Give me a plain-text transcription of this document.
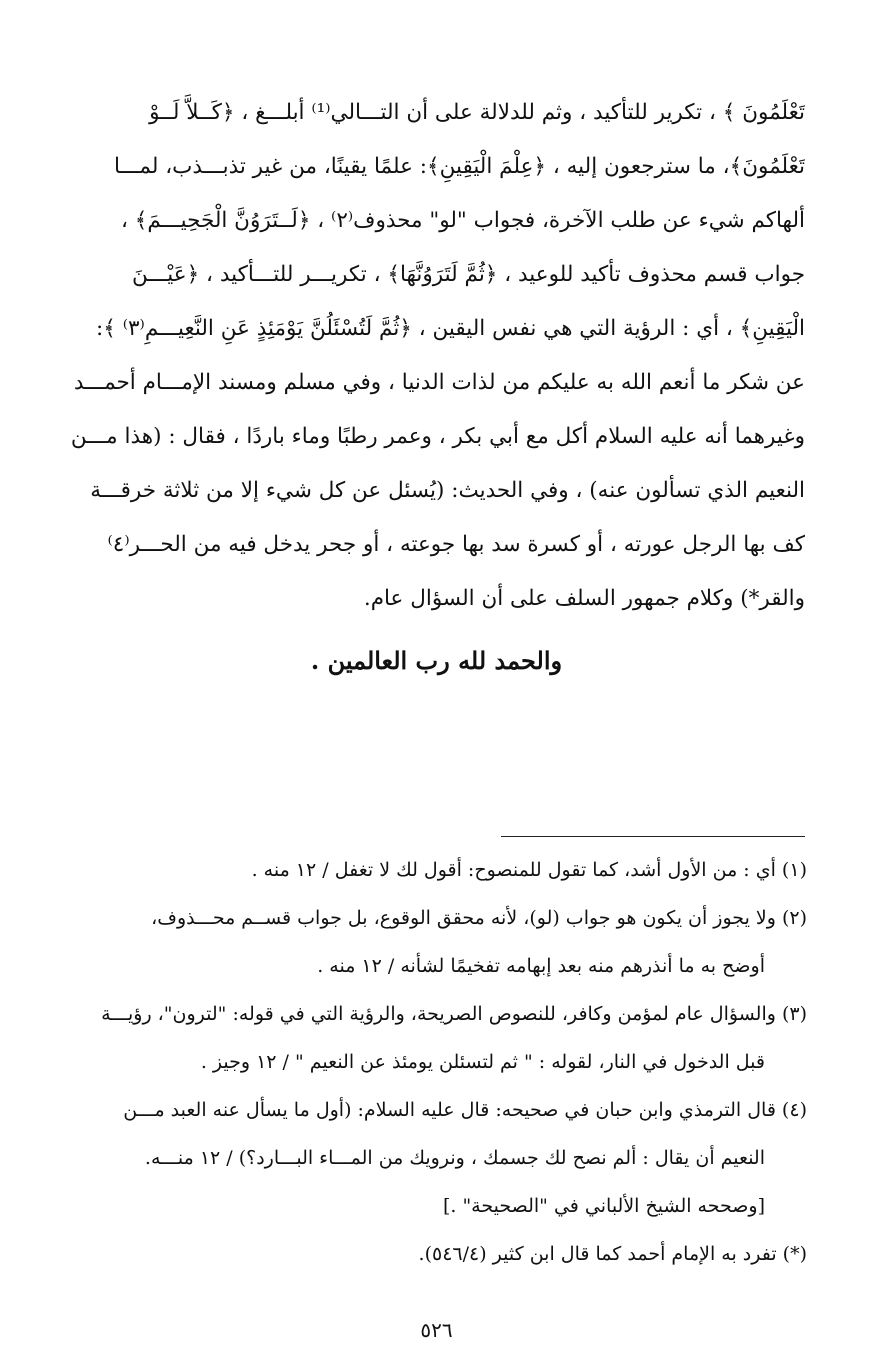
تَعْلَمُونَ ﴾ ، تكرير للتأكيد ، وثم للدلالة على أن التـــالي⁽¹⁾ أبلـــغ ، ﴿كَــلاَّ لَــوْ
تَعْلَمُونَ﴾، ما سترجعون إليه ، ﴿عِلْمَ الْيَقِينِ﴾: علمًا يقينًا، من غير تذبـــذب، لمـــا
ألهاكم شيء عن طلب الآخرة، فجواب "لو" محذوف⁽٢⁾ ، ﴿لَــتَرَوُنَّ الْجَحِيـــمَ﴾ ،
جواب قسم محذوف تأكيد للوعيد ، ﴿ثُمَّ لَتَرَوُنَّهَا﴾ ، تكريـــر للتـــأكيد ، ﴿عَيْـــنَ
الْيَقِينِ﴾ ، أي : الرؤية التي هي نفس اليقين ، ﴿ثُمَّ لَتُسْئَلُنَّ يَوْمَئِذٍ عَنِ النَّعِيـــمِ⁽٣⁾ ﴾:
عن شكر ما أنعم الله به عليكم من لذات الدنيا ، وفي مسلم ومسند الإمـــام أحمـــد
وغيرهما أنه عليه السلام أكل مع أبي بكر ، وعمر رطبًا وماء باردًا ، فقال : (هذا مـــن
النعيم الذي تسألون عنه) ، وفي الحديث: (يُسئل عن كل شيء إلا من ثلاثة خرقـــة
كف بها الرجل عورته ، أو كسرة سد بها جوعته ، أو جحر يدخل فيه من الحـــر⁽٤⁾
والقر*) وكلام جمهور السلف على أن السؤال عام.
والحمد لله رب العالمين .
(١) أي : من الأول أشد، كما تقول للمنصوح: أقول لك لا تغفل / ١٢ منه .
(٢) ولا يجوز أن يكون هو جواب (لو)، لأنه محقق الوقوع، بل جواب قســم محـــذوف،
أوضح به ما أنذرهم منه بعد إبهامه تفخيمًا لشأنه / ١٢ منه .
(٣) والسؤال عام لمؤمن وكافر، للنصوص الصريحة، والرؤية التي في قوله: "لترون"، رؤيـــة
قبل الدخول في النار، لقوله : " ثم لتسئلن يومئذ عن النعيم " / ١٢ وجيز .
(٤) قال الترمذي وابن حبان في صحيحه: قال عليه السلام: (أول ما يسأل عنه العبد مـــن
النعيم أن يقال : ألم نصح لك جسمك ، ونرويك من المـــاء البـــارد؟) / ١٢ منـــه.
[وصححه الشيخ الألباني في "الصحيحة" .]
(*) تفرد به الإمام أحمد كما قال ابن كثير (٥٤٦/٤).
٥٢٦
